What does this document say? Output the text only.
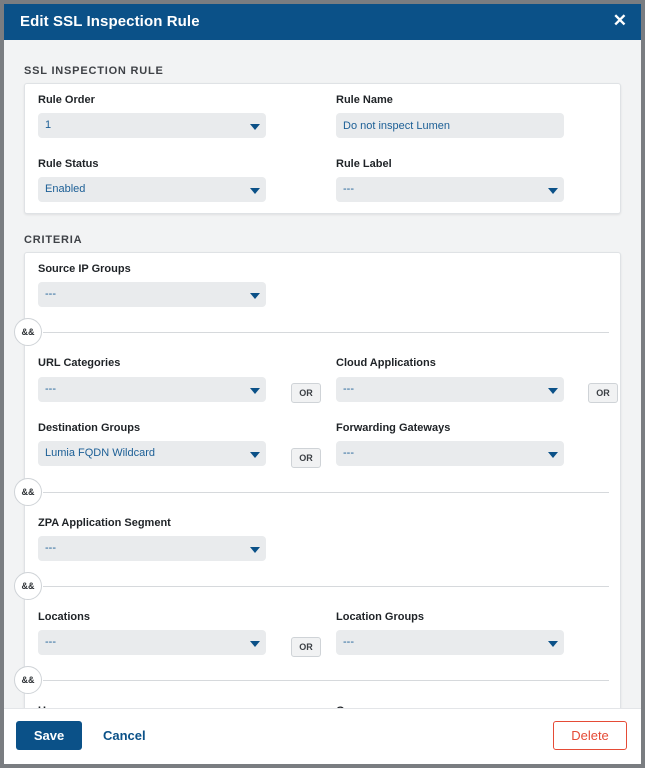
Edit SSL Inspection Rule	✕
SSL INSPECTION RULE
Rule Order
1
Rule Name
Do not inspect Lumen
Rule Status
Enabled
Rule Label
---
CRITERIA
Source IP Groups
---
&&
URL Categories
---	OR
Cloud Applications
---	OR
Destination Groups
Lumia FQDN Wildcard	OR
Forwarding Gateways
---
&&
ZPA Application Segment
---
&&
Locations
---	OR
Location Groups
---
&&
Save	Cancel	Delete
